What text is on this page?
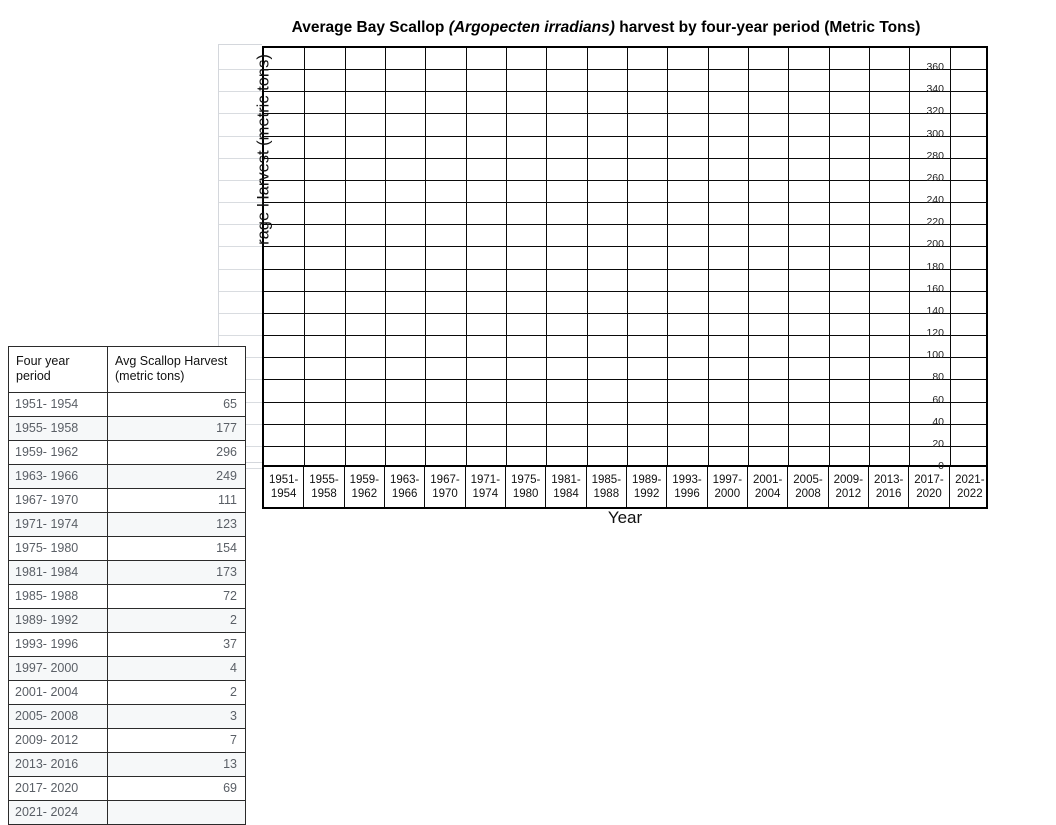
Average Bay Scallop (Argopecten irradians) harvest by four-year period (Metric Tons)
1951-
1954
1955-
1958
1959-
1962
1963-
1966
1967-
1970
1971-
1974
1975-
1980
1981-
1984
1985-
1988
1989-
1992
1993-
1996
1997-
2000
2001-
2004
2005-
2008
2009-
2012
2013-
2016
2017-
2020
2021-
2022
Year
rage Harvest (metric tons)
0
20
40
60
80
100
120
140
160
180
200
220
240
260
280
300
320
340
360
Four year period	Avg Scallop Harvest (metric tons)
1951- 1954	65
1955- 1958	177
1959- 1962	296
1963- 1966	249
1967- 1970	111
1971- 1974	123
1975- 1980	154
1981- 1984	173
1985- 1988	72
1989- 1992	2
1993- 1996	37
1997- 2000	4
2001- 2004	2
2005- 2008	3
2009- 2012	7
2013- 2016	13
2017- 2020	69
2021- 2024	
